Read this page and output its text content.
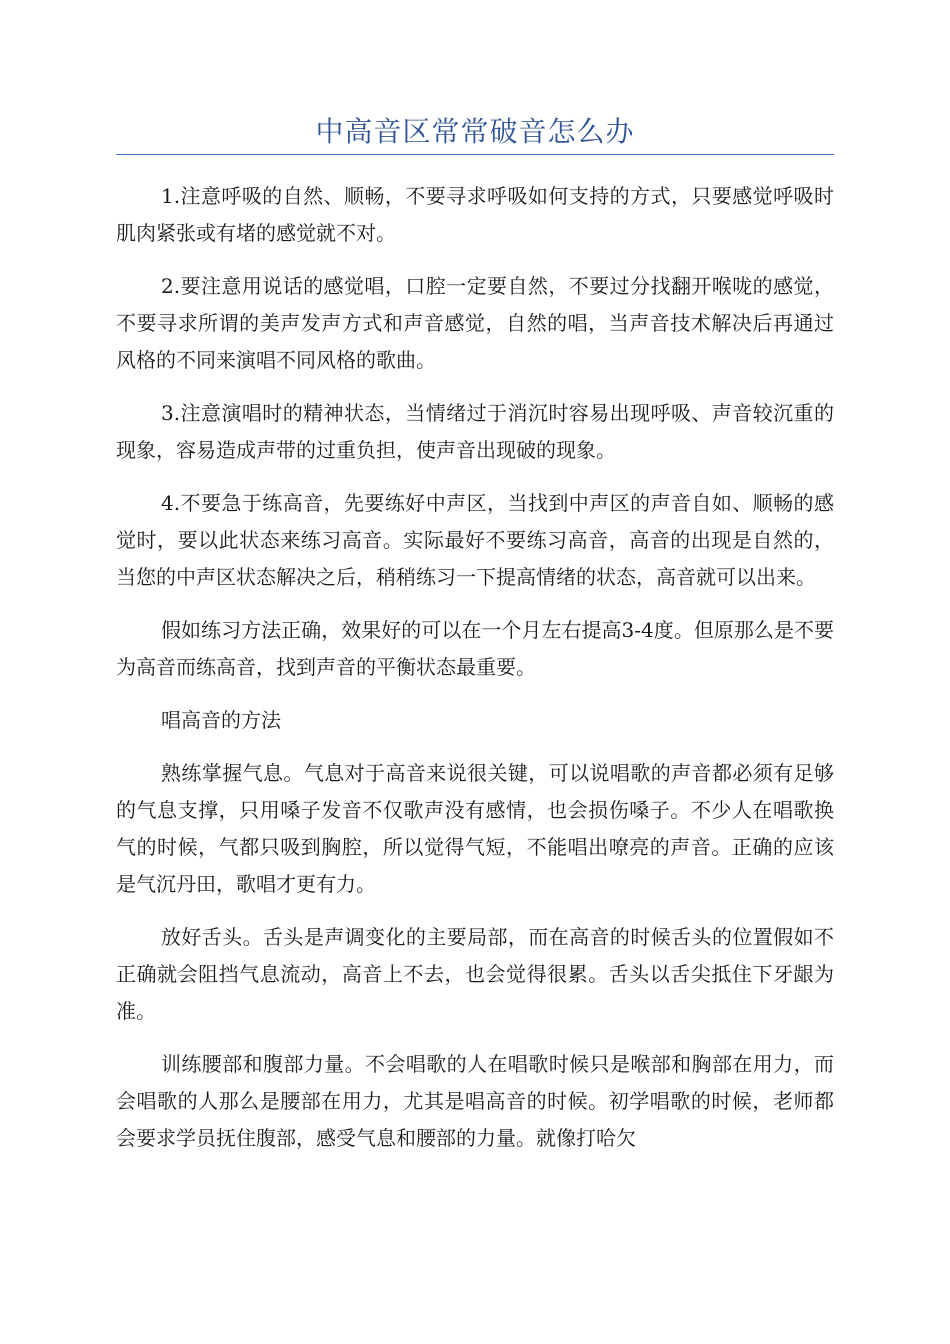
中高音区常常破音怎么办

1.注意呼吸的自然、顺畅，不要寻求呼吸如何支持的方式，只要感觉呼吸时肌肉紧张或有堵的感觉就不对。

2.要注意用说话的感觉唱，口腔一定要自然，不要过分找翻开喉咙的感觉，不要寻求所谓的美声发声方式和声音感觉，自然的唱，当声音技术解决后再通过风格的不同来演唱不同风格的歌曲。

3.注意演唱时的精神状态，当情绪过于消沉时容易出现呼吸、声音较沉重的现象，容易造成声带的过重负担，使声音出现破的现象。

4.不要急于练高音，先要练好中声区，当找到中声区的声音自如、顺畅的感觉时，要以此状态来练习高音。实际最好不要练习高音，高音的出现是自然的，当您的中声区状态解决之后，稍稍练习一下提高情绪的状态，高音就可以出来。

假如练习方法正确，效果好的可以在一个月左右提高3-4度。但原那么是不要为高音而练高音，找到声音的平衡状态最重要。

唱高音的方法

熟练掌握气息。气息对于高音来说很关键，可以说唱歌的声音都必须有足够的气息支撑，只用嗓子发音不仅歌声没有感情，也会损伤嗓子。不少人在唱歌换气的时候，气都只吸到胸腔，所以觉得气短，不能唱出嘹亮的声音。正确的应该是气沉丹田，歌唱才更有力。

放好舌头。舌头是声调变化的主要局部，而在高音的时候舌头的位置假如不正确就会阻挡气息流动，高音上不去，也会觉得很累。舌头以舌尖抵住下牙龈为准。

训练腰部和腹部力量。不会唱歌的人在唱歌时候只是喉部和胸部在用力，而会唱歌的人那么是腰部在用力，尤其是唱高音的时候。初学唱歌的时候，老师都会要求学员抚住腹部，感受气息和腰部的力量。就像打哈欠
